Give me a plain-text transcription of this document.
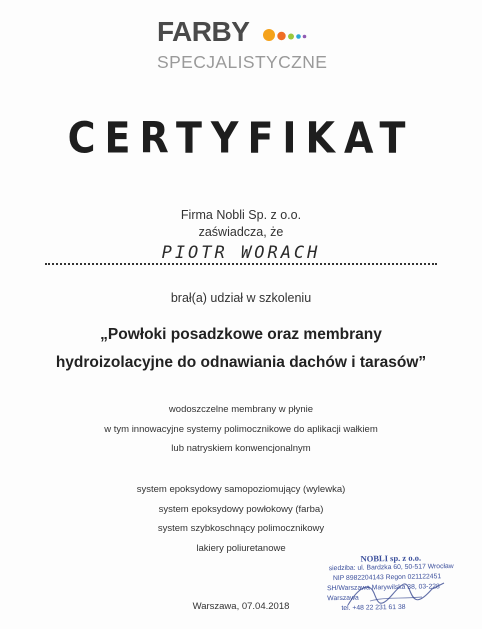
FARBY
SPECJALISTYCZNE
CERTYFIKAT
Firma Nobli Sp. z o.o.
zaświadcza, że
PIOTR WORACH
brał(a) udział w szkoleniu
„Powłoki posadzkowe oraz membrany
hydroizolacyjne do odnawiania dachów i tarasów”
wodoszczelne membrany w płynie
w tym innowacyjne systemy polimocznikowe do aplikacji wałkiem
lub natryskiem konwencjonalnym
system epoksydowy samopoziomujący (wylewka)
system epoksydowy powłokowy (farba)
system szybkoschnący polimocznikowy
lakiery poliuretanowe
Warszawa, 07.04.2018
NOBLI sp. z o.o.
siedziba: ul. Bardzka 60, 50-517 Wrocław
NIP 8982204143 Regon 021122451
SH/Warszawa Marywilska 38, 03-228 Warszawa
tel. +48 22 231 61 38
